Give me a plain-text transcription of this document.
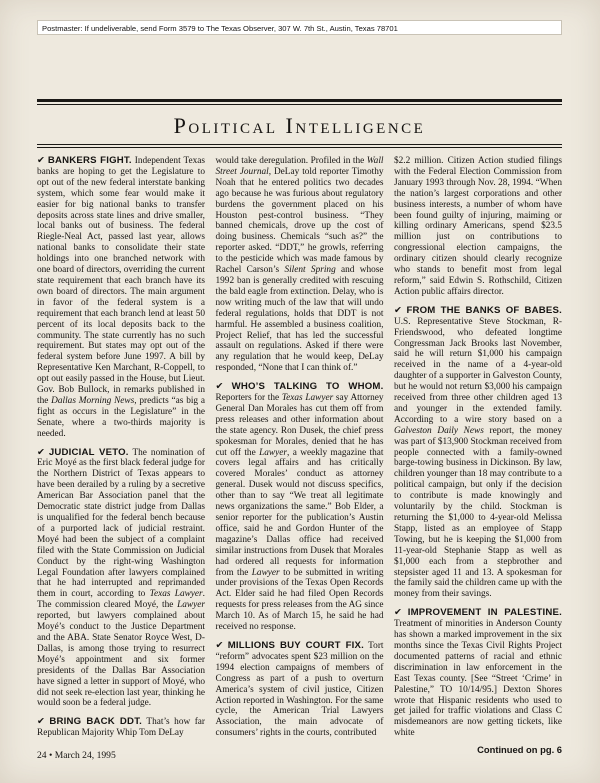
Postmaster: If undeliverable, send Form 3579 to The Texas Observer, 307 W. 7th St., Austin, Texas 78701
Political Intelligence

✔ BANKERS FIGHT. Independent Texas banks are hoping to get the Legislature to opt out of the new federal interstate banking system, which some fear would make it easier for big national banks to transfer deposits across state lines and drive smaller, local banks out of business. The federal Riegle-Neal Act, passed last year, allows national banks to consolidate their state holdings into one branched network with one board of directors, overriding the current state requirement that each branch have its own board of directors. The main argument in favor of the federal system is a requirement that each branch lend at least 50 percent of its local deposits back to the community. The state currently has no such requirement. But states may opt out of the federal system before June 1997. A bill by Representative Ken Marchant, R-Coppell, to opt out easily passed in the House, but Lieut. Gov. Bob Bullock, in remarks published in the Dallas Morning News, predicts “as big a fight as occurs in the Legislature” in the Senate, where a two-thirds majority is needed.

✔ JUDICIAL VETO. The nomination of Eric Moyé as the first black federal judge for the Northern District of Texas appears to have been derailed by a ruling by a secretive American Bar Association panel that the Democratic state district judge from Dallas is unqualified for the federal bench because of a purported lack of judicial restraint. Moyé had been the subject of a complaint filed with the State Commission on Judicial Conduct by the right-wing Washington Legal Foundation after lawyers complained that he had interrupted and reprimanded them in court, according to Texas Lawyer. The commission cleared Moyé, the Lawyer reported, but lawyers complained about Moyé’s conduct to the Justice Department and the ABA. State Senator Royce West, D-Dallas, is among those trying to resurrect Moyé’s appointment and six former presidents of the Dallas Bar Association have signed a letter in support of Moyé, who did not seek re-election last year, thinking he would soon be a federal judge.

✔ BRING BACK DDT. That’s how far Republican Majority Whip Tom DeLay

would take deregulation. Profiled in the Wall Street Journal, DeLay told reporter Timothy Noah that he entered politics two decades ago because he was furious about regulatory burdens the government placed on his Houston pest-control business. “They banned chemicals, drove up the cost of doing business. Chemicals “such as?” the reporter asked. “DDT,” he growls, referring to the pesticide which was made famous by Rachel Carson’s Silent Spring and whose 1992 ban is generally credited with rescuing the bald eagle from extinction. Delay, who is now writing much of the law that will undo federal regulations, holds that DDT is not harmful. He assembled a business coalition, Project Relief, that has led the successful assault on regulations. Asked if there were any regulation that he would keep, DeLay responded, “None that I can think of.”

✔ WHO’S TALKING TO WHOM. Reporters for the Texas Lawyer say Attorney General Dan Morales has cut them off from press releases and other information about the state agency. Ron Dusek, the chief press spokesman for Morales, denied that he has cut off the Lawyer, a weekly magazine that covers legal affairs and has critically covered Morales’ conduct as attorney general. Dusek would not discuss specifics, other than to say “We treat all legitimate news organizations the same.” Bob Elder, a senior reporter for the publication’s Austin office, said he and Gordon Hunter of the magazine’s Dallas office had received similar instructions from Dusek that Morales had ordered all requests for information from the Lawyer to be submitted in writing under provisions of the Texas Open Records Act. Elder said he had filed Open Records requests for press releases from the AG since March 10. As of March 15, he said he had received no response.

✔ MILLIONS BUY COURT FIX. Tort “reform” advocates spent $23 million on the 1994 election campaigns of members of Congress as part of a push to overturn America’s system of civil justice, Citizen Action reported in Washington. For the same cycle, the American Trial Lawyers Association, the main advocate of consumers’ rights in the courts, contributed

$2.2 million. Citizen Action studied filings with the Federal Election Commission from January 1993 through Nov. 28, 1994. “When the nation’s largest corporations and other business interests, a number of whom have been found guilty of injuring, maiming or killing ordinary Americans, spend $23.5 million just on contributions to congressional election campaigns, the ordinary citizen should clearly recognize who stands to benefit most from legal reform,” said Edwin S. Rothschild, Citizen Action public affairs director.

✔ FROM THE BANKS OF BABES. U.S. Representative Steve Stockman, R-Friendswood, who defeated longtime Congressman Jack Brooks last November, said he will return $1,000 his campaign received in the name of a 4-year-old daughter of a supporter in Galveston County, but he would not return $3,000 his campaign received from three other children aged 13 and younger in the extended family. According to a wire story based on a Galveston Daily News report, the money was part of $13,900 Stockman received from people connected with a family-owned barge-towing business in Dickinson. By law, children younger than 18 may contribute to a political campaign, but only if the decision to contribute is made knowingly and voluntarily by the child. Stockman is returning the $1,000 to 4-year-old Melissa Stapp, listed as an employee of Stapp Towing, but he is keeping the $1,000 from 11-year-old Stephanie Stapp as well as $1,000 each from a stepbrother and stepsister aged 11 and 13. A spokesman for the family said the children came up with the money from their savings.

✔ IMPROVEMENT IN PALESTINE. Treatment of minorities in Anderson County has shown a marked improvement in the six months since the Texas Civil Rights Project documented patterns of racial and ethnic discrimination in law enforcement in the East Texas county. [See “Street ‘Crime’ in Palestine,” TO 10/14/95.] Dexton Shores wrote that Hispanic residents who used to get jailed for traffic violations and Class C misdemeanors are now getting tickets, like white

Continued on pg. 6
24 • March 24, 1995
